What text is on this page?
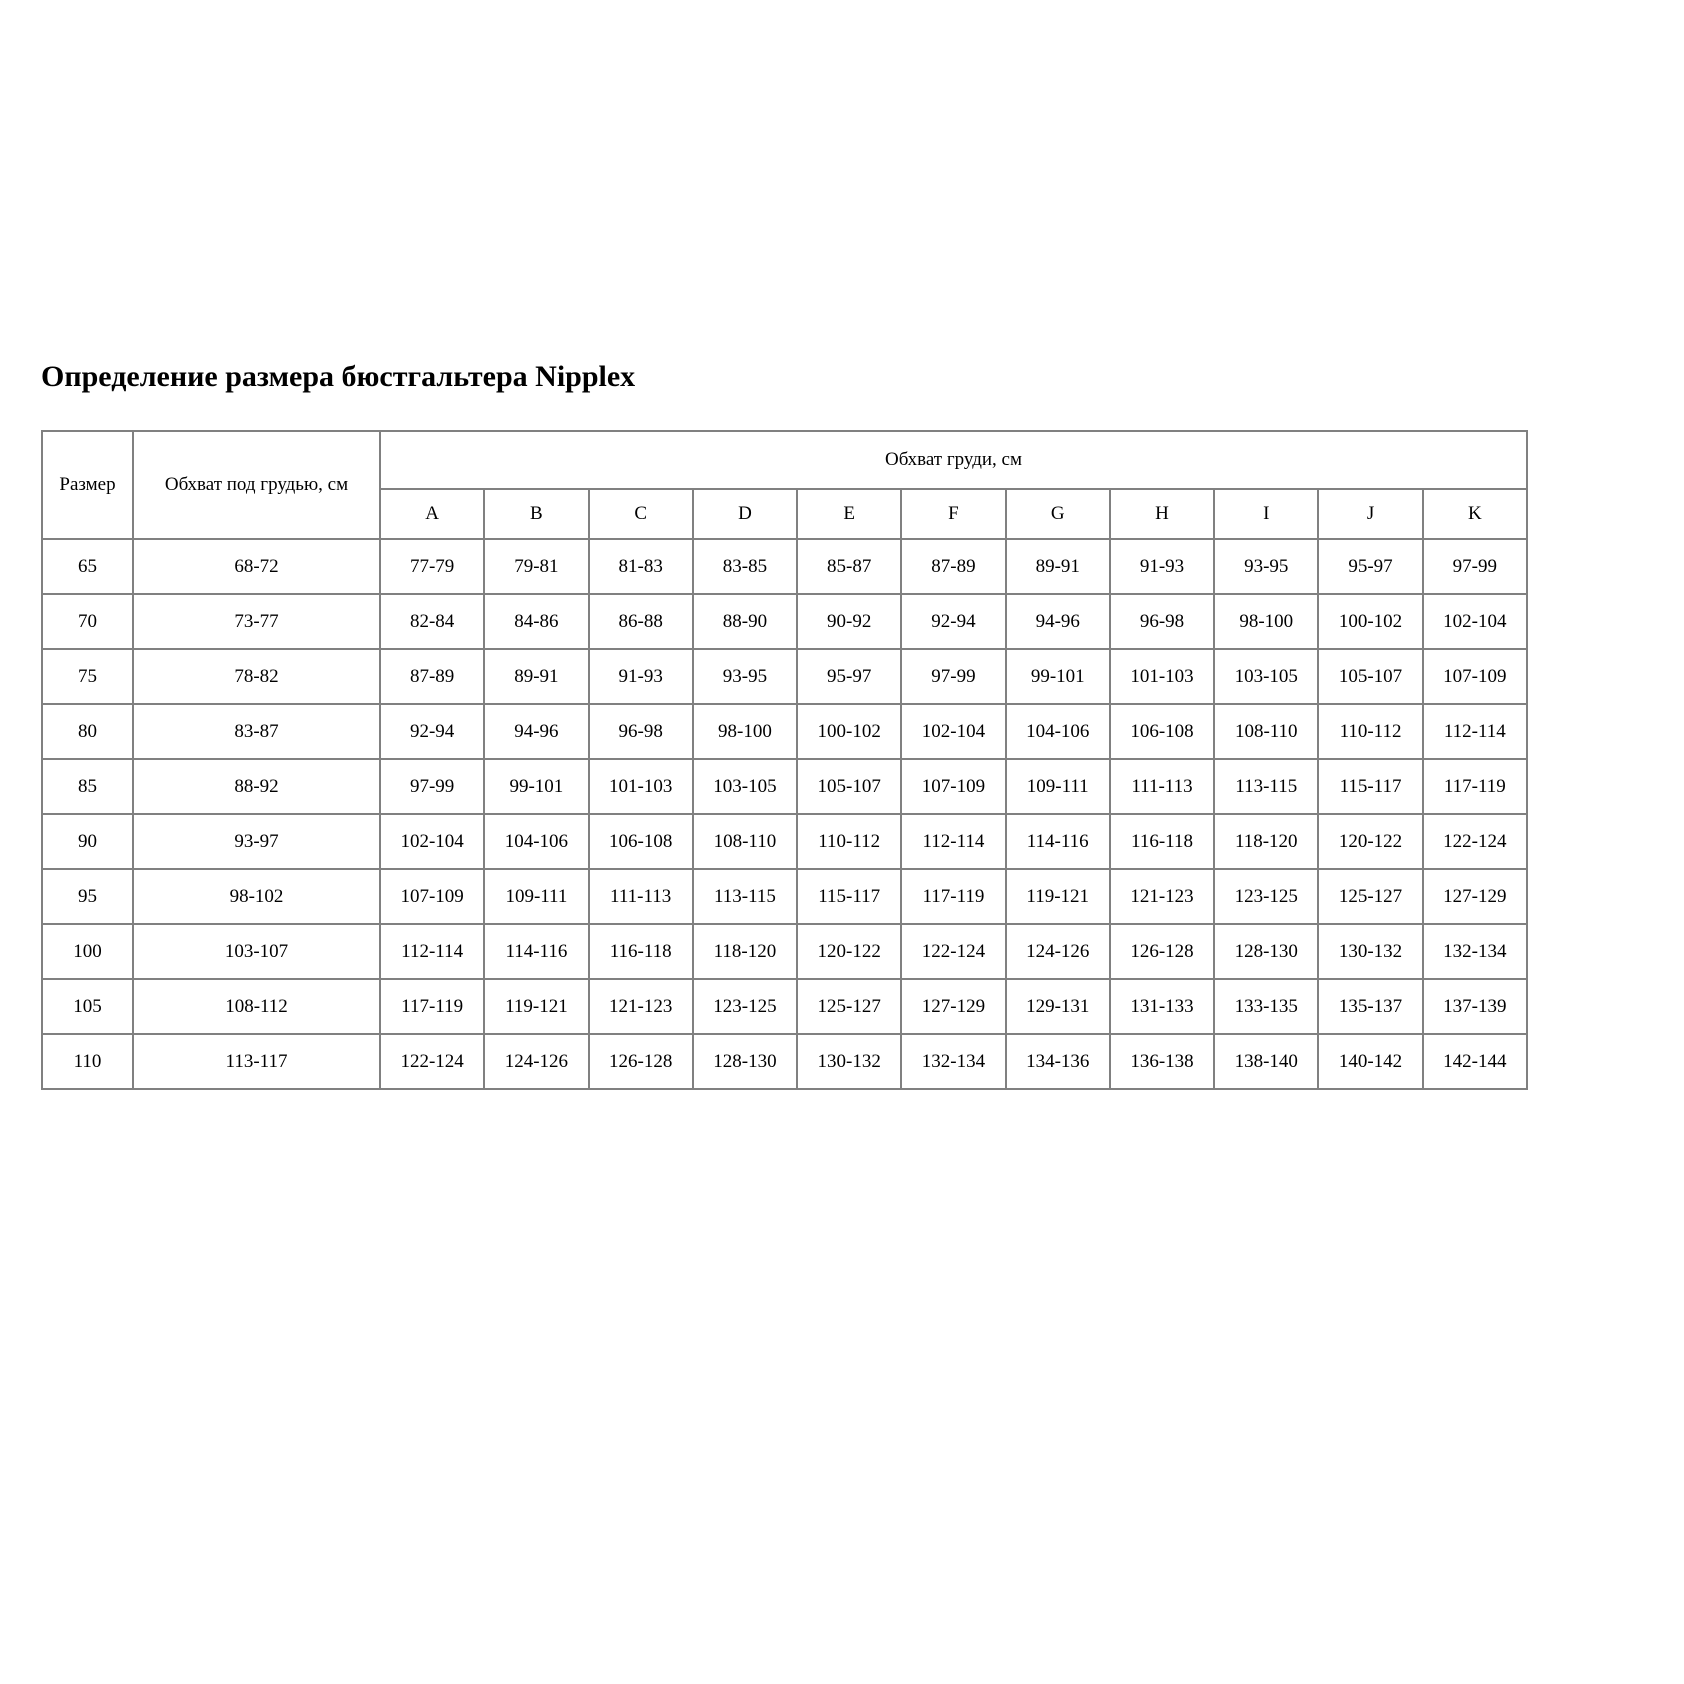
Определение размера бюстгальтера Nipplex
Размер	Обхват под грудью, см	Обхват груди, см										
		A	B	C	D	E	F	G	H	I	J	K
65	68-72	77-79	79-81	81-83	83-85	85-87	87-89	89-91	91-93	93-95	95-97	97-99
70	73-77	82-84	84-86	86-88	88-90	90-92	92-94	94-96	96-98	98-100	100-102	102-104
75	78-82	87-89	89-91	91-93	93-95	95-97	97-99	99-101	101-103	103-105	105-107	107-109
80	83-87	92-94	94-96	96-98	98-100	100-102	102-104	104-106	106-108	108-110	110-112	112-114
85	88-92	97-99	99-101	101-103	103-105	105-107	107-109	109-111	111-113	113-115	115-117	117-119
90	93-97	102-104	104-106	106-108	108-110	110-112	112-114	114-116	116-118	118-120	120-122	122-124
95	98-102	107-109	109-111	111-113	113-115	115-117	117-119	119-121	121-123	123-125	125-127	127-129
100	103-107	112-114	114-116	116-118	118-120	120-122	122-124	124-126	126-128	128-130	130-132	132-134
105	108-112	117-119	119-121	121-123	123-125	125-127	127-129	129-131	131-133	133-135	135-137	137-139
110	113-117	122-124	124-126	126-128	128-130	130-132	132-134	134-136	136-138	138-140	140-142	142-144
